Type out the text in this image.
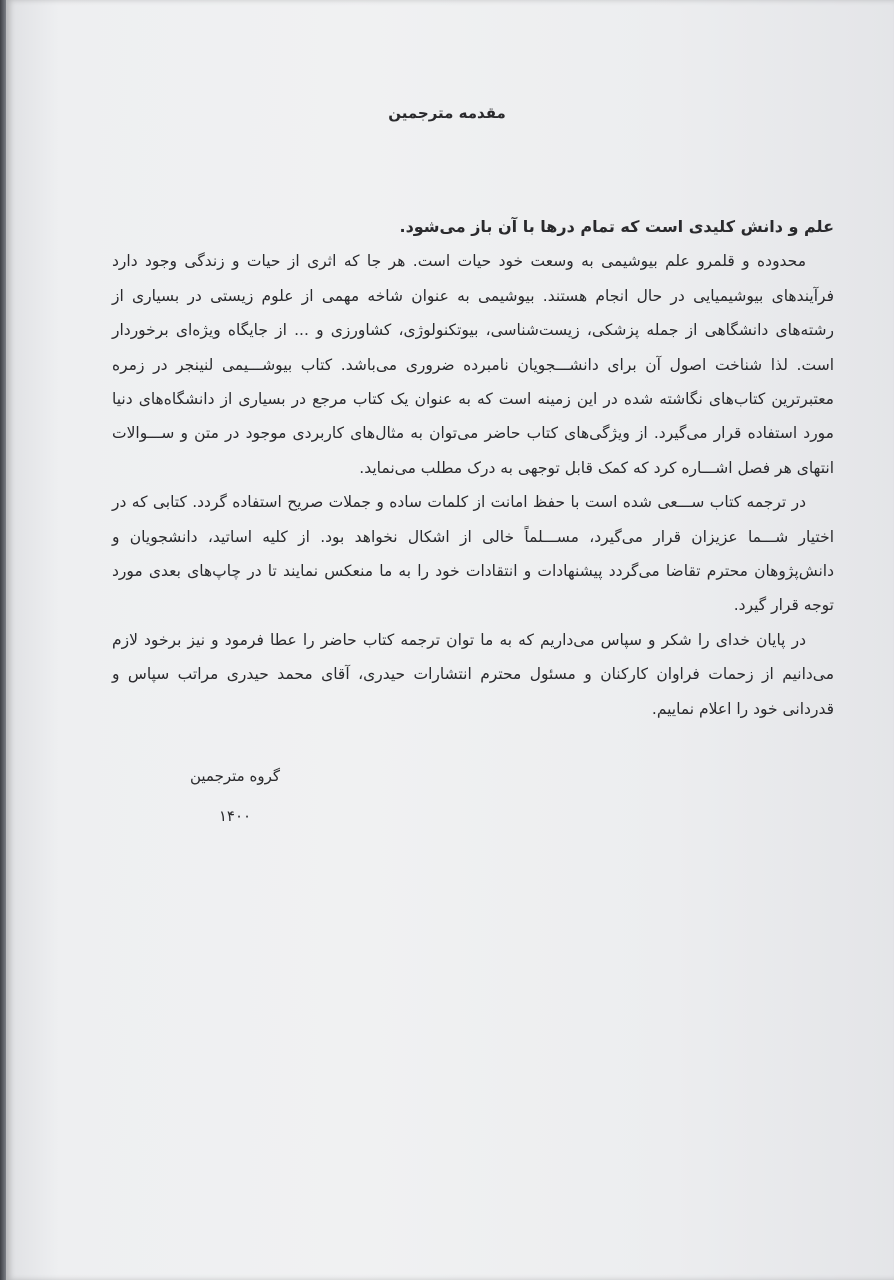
مقدمه مترجمین

علم و دانش کلیدی است که تمام درها با آن باز می‌شود.

محدوده و قلمرو علم بیوشیمی به وسعت خود حیات است. هر جا که اثری از حیات و زندگی وجود دارد فرآیندهای بیوشیمیایی در حال انجام هستند. بیوشیمی به عنوان شاخه مهمی از علوم زیستی در بسیاری از رشته‌های دانشگاهی از جمله پزشکی، زیست‌شناسی، بیوتکنولوژی، کشاورزی و ... از جایگاه ویژه‌ای برخوردار است. لذا شناخت اصول آن برای دانشـــجویان نامبرده ضروری می‌باشد. کتاب بیوشـــیمی لنینجر در زمره معتبرترین کتاب‌های نگاشته شده در این زمینه است که به عنوان یک کتاب مرجع در بسیاری از دانشگاه‌های دنیا مورد استفاده قرار می‌گیرد. از ویژگی‌های کتاب حاضر می‌توان به مثال‌های کاربردی موجود در متن و ســـوالات انتهای هر فصل اشـــاره کرد که کمک قابل توجهی به درک مطلب می‌نماید.

در ترجمه کتاب ســـعی شده است با حفظ امانت از کلمات ساده و جملات صریح استفاده گردد. کتابی که در اختیار شـــما عزیزان قرار می‌گیرد، مســـلماً خالی از اشکال نخواهد بود. از کلیه اساتید، دانشجویان و دانش‌پژوهان محترم تقاضا می‌گردد پیشنهادات و انتقادات خود را به ما منعکس نمایند تا در چاپ‌های بعدی مورد توجه قرار گیرد.

در پایان خدای را شکر و سپاس می‌داریم که به ما توان ترجمه کتاب حاضر را عطا فرمود و نیز برخود لازم می‌دانیم از زحمات فراوان کارکنان و مسئول محترم انتشارات حیدری، آقای محمد حیدری مراتب سپاس و قدردانی خود را اعلام نماییم.

گروه مترجمین
۱۴۰۰
